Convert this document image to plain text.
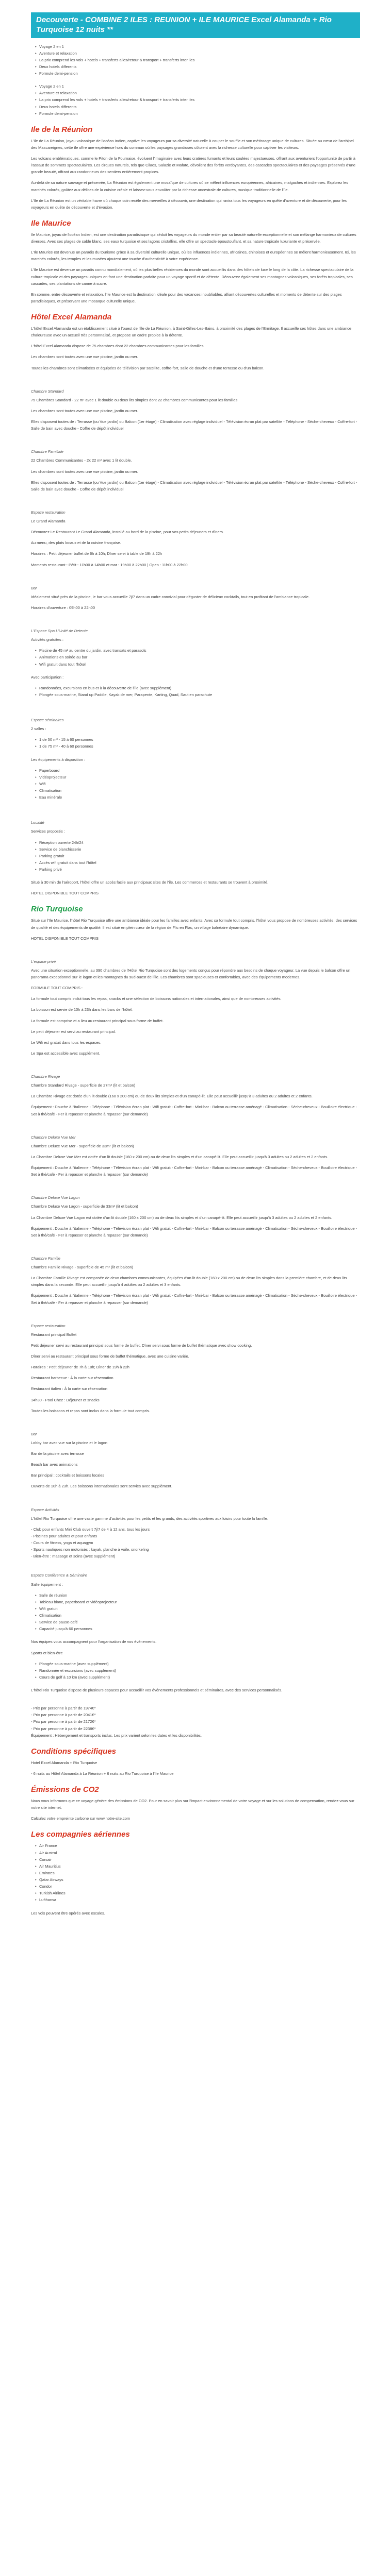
Decouverte - COMBINE 2 ILES : REUNION + ILE MAURICE Excel Alamanda + Rio Turquoise 12 nuits **
• Voyage 2 en 1
• Aventure et relaxation
• La prix comprend les vols + hotels + transferts alles/retour & transport + transferts inter iles
• Deux hotels differents
• Formule demi-pension
• Voyage 2 en 1
• Aventure et relaxation
• La prix comprend les vols + hotels + transferts alles/retour & transport + transferts inter iles
• Deux hotels differents
• Formule demi-pension
Ile de la Réunion

L'Ile de La Réunion, joyau volcanique de l'océan Indien, captive les voyageurs par sa diversité naturelle à couper le souffle et son métissage unique de cultures. Située au cœur de l'archipel des Mascareignes, cette île offre une expérience hors du commun où les paysages grandioses côtoient avec la richesse culturelle pour captiver les visiteurs.

Les volcans emblématiques, comme le Piton de la Fournaise, évoluent l'imaginaire avec leurs cratères fumants et leurs coulées majestueuses, offrant aux aventuriers l'opportunité de partir à l'assaut de sommets spectaculaires. Les cirques naturels, tels que Cilaos, Salazie et Mafate, dévoilent des forêts verdoyantes, des cascades spectaculaires et des paysages préservés d'une grande beauté, offrant aux randonneurs des sentiers entièrement propices.

Au-delà de sa nature sauvage et préservée, La Réunion est également une mosaïque de cultures où se mêlent influences européennes, africaines, malgaches et indiennes. Explorez les marchés colorés, goûtez aux délices de la cuisine créole et laissez-vous envoûter par la richesse ancestrale de cultures, musique traditionnelle de l'île.

L'Ile de La Réunion est un véritable havre où chaque coin recèle des merveilles à découvrir, une destination qui ravira tous les voyageurs en quête d'aventure et de découverte, pour les voyageurs en quête de découverte et d'évasion.

Ile Maurice

Ile Maurice, joyau de l'océan Indien, est une destination paradisiaque qui séduit les voyageurs du monde entier par sa beauté naturelle exceptionnelle et son mélange harmonieux de cultures diverses. Avec ses plages de sable blanc, ses eaux turquoise et ses lagons cristallins, elle offre un spectacle époustouflant, et sa nature tropicale luxuriante et préservée.

L'Ile Maurice est devenue un paradis du tourisme grâce à sa diversité culturelle unique, où les influences indiennes, africaines, chinoises et européennes se mêlent harmonieusement. Ici, les marchés colorés, les temples et les musées ajoutent une touche d'authenticité à votre expérience.

L'Ile Maurice est devenue un paradis connu mondialement, où les plus belles résidences du monde sont accueillis dans des hôtels de luxe le long de la côte. La richesse spectaculaire de la culture tropicale et des paysages uniques en font une destination parfaite pour un voyage sportif et de détente. Découvrez également ses montagnes volcaniques, ses forêts tropicales, ses cascades, ses plantations de canne à sucre.

En somme, entre découverte et relaxation, l'Ile Maurice est la destination idéale pour des vacances inoubliables, alliant découvertes culturelles et moments de détente sur des plages paradisiaques, et préservant une mosaïque culturelle unique.

Hôtel Excel Alamanda

L'hôtel Excel Alamanda est un établissement situé à l'ouest de l'île de La Réunion, à Saint-Gilles-Les-Bains, à proximité des plages de l'Ermitage. Il accueille ses hôtes dans une ambiance chaleureuse avec un accueil très personnalisé, et propose un cadre propice à la détente.

L'hôtel Excel Alamanda dispose de 75 chambres dont 22 chambres communicantes pour les familles.

Les chambres sont toutes avec une vue piscine, jardin ou mer.

Toutes les chambres sont climatisées et équipées de télévision par satellite, coffre-fort, salle de douche et d'une terrasse ou d'un balcon.

Chambre Standard

75 Chambres Standard - 22 m² avec 1 lit double ou deux lits simples dont 22 chambres communicantes pour les familles

Les chambres sont toutes avec une vue piscine, jardin ou mer.

Elles disposent toutes de : Terrasse (ou Vue jardin) ou Balcon (1er étage) - Climatisation avec réglage individuel - Télévision écran plat par satellite - Téléphone - Sèche-cheveux - Coffre-fort - Salle de bain avec douche - Coffre de dépôt individuel

Chambre Familiale

22 Chambres Communicantes - 2x 22 m² avec 1 lit double.

Les chambres sont toutes avec une vue piscine, jardin ou mer.

Elles disposent toutes de : Terrasse (ou Vue jardin) ou Balcon (1er étage) - Climatisation avec réglage individuel - Télévision écran plat par satellite - Téléphone - Sèche-cheveux - Coffre-fort - Salle de bain avec douche - Coffre de dépôt individuel

Espace restauration

Le Grand Alamanda

Découvrez Le Restaurant Le Grand Alamanda, installé au bord de la piscine, pour vos petits déjeuners et dîners.

Au menu, des plats locaux et de la cuisine française.

Horaires : Petit déjeuner buffet de 6h à 10h; Dîner servi à table de 19h à 22h

Moments restaurant : Pétit : 11h00 à 14h00 et mar : 19h00 à 22h00 | Open : 11h00 à 22h00

Bar

Idéalement situé près de la piscine, le bar vous accueille 7j/7 dans un cadre convivial pour déguster de délicieux cocktails, tout en profitant de l'ambiance tropicale.

Horaires d'ouverture : 09h00 à 22h00

L'Espace Spa L'Unité de Detente

Activités gratuites :

• Piscine de 45 m² au centre du jardin, avec transats et parasols
• Animations en soirée au bar
• Wifi gratuit dans tout l'hôtel

Avec participation :

• Randonnées, excursions en bus et à la découverte de l'île (avec supplément)
• Plongée sous-marine, Stand up Paddle, Kayak de mer, Parapente, Karting, Quad, Saut en parachute
Espace séminaires

2 salles :

• 1 de 50 m² - 15 à 60 personnes
• 1 de 75 m² - 40 à 60 personnes

Les équipements à disposition :

• Paperboard
• Vidéoprojecteur
• Wifi
• Climatisation
• Eau minérale
Localité

Services proposés :

• Réception ouverte 24h/24
• Service de blanchisserie
• Parking gratuit
• Accès wifi gratuit dans tout l'hôtel
• Parking privé

Situé à 30 min de l'aéroport, l'hôtel offre un accès facile aux principaux sites de l'île. Les commerces et restaurants se trouvent à proximité.

HOTEL DISPONIBLE TOUT COMPRIS

Rio Turquoise

Situé sur l'Ile Maurice, l'hôtel Rio Turquoise offre une ambiance idéale pour les familles avec enfants. Avec sa formule tout compris, l'hôtel vous propose de nombreuses activités, des services de qualité et des équipements de qualité. Il est situé en plein cœur de la région de Flic en Flac, un village balnéaire dynamique.

HOTEL DISPONIBLE TOUT COMPRIS

L'espace privé

Avec une situation exceptionnelle, au 390 chambres de l'Hôtel Rio Turquoise sont des logements conçus pour répondre aux besoins de chaque voyageur. La vue depuis le balcon offre un panorama exceptionnel sur le lagon et les montagnes du sud-ouest de l'île. Les chambres sont spacieuses et confortables, avec des équipements modernes.

FORMULE TOUT COMPRIS :

La formule tout compris inclut tous les repas, snacks et une sélection de boissons nationales et internationales, ainsi que de nombreuses activités.

La boisson est servie de 10h à 23h dans les bars de l'hôtel.

La formule est comprise et a lieu au restaurant principal sous forme de buffet.

Le petit déjeuner est servi au restaurant principal.

Le Wifi est gratuit dans tous les espaces.

Le Spa est accessible avec supplément.

Chambre Rivage

Chambre Standard Rivage - superficie de 27m² (lit et balcon)

La Chambre Rivage est dotée d'un lit double (160 x 200 cm) ou de deux lits simples et d'un canapé-lit. Elle peut accueillir jusqu'à 3 adultes ou 2 adultes et 2 enfants.

Équipement : Douche à l'italienne - Téléphone - Télévision écran plat - Wifi gratuit - Coffre-fort - Mini-bar - Balcon ou terrasse aménagé - Climatisation - Sèche-cheveux - Bouilloire électrique - Set à thé/café - Fer à repasser et planche à repasser (sur demande)

Chambre Deluxe Vue Mer

Chambre Deluxe Vue Mer - superficie de 33m² (lit et balcon)

La Chambre Deluxe Vue Mer est dotée d'un lit double (160 x 200 cm) ou de deux lits simples et d'un canapé-lit. Elle peut accueillir jusqu'à 3 adultes ou 2 adultes et 2 enfants.

Équipement : Douche à l'italienne - Téléphone - Télévision écran plat - Wifi gratuit - Coffre-fort - Mini-bar - Balcon ou terrasse aménagé - Climatisation - Sèche-cheveux - Bouilloire électrique - Set à thé/café - Fer à repasser et planche à repasser (sur demande)

Chambre Deluxe Vue Lagon

Chambre Deluxe Vue Lagon - superficie de 33m² (lit et balcon)

La Chambre Deluxe Vue Lagon est dotée d'un lit double (160 x 200 cm) ou de deux lits simples et d'un canapé-lit. Elle peut accueillir jusqu'à 3 adultes ou 2 adultes et 2 enfants.

Équipement : Douche à l'italienne - Téléphone - Télévision écran plat - Wifi gratuit - Coffre-fort - Mini-bar - Balcon ou terrasse aménagé - Climatisation - Sèche-cheveux - Bouilloire électrique - Set à thé/café - Fer à repasser et planche à repasser (sur demande)

Chambre Famille

Chambre Famille Rivage - superficie de 45 m² (lit et balcon)

La Chambre Famille Rivage est composée de deux chambres communicantes, équipées d'un lit double (160 x 200 cm) ou de deux lits simples dans la première chambre, et de deux lits simples dans la seconde. Elle peut accueillir jusqu'à 4 adultes ou 2 adultes et 3 enfants.

Équipement : Douche à l'italienne - Téléphone - Télévision écran plat - Wifi gratuit - Coffre-fort - Mini-bar - Balcon ou terrasse aménagé - Climatisation - Sèche-cheveux - Bouilloire électrique - Set à thé/café - Fer à repasser et planche à repasser (sur demande)

Espace restauration

Restaurant principal Buffet

Petit déjeuner servi au restaurant principal sous forme de buffet. Dîner servi sous forme de buffet thématique avec show cooking.

Dîner servi au restaurant principal sous forme de buffet thématique, avec une cuisine variée.

Horaires : Petit déjeuner de 7h à 10h; Dîner de 19h à 22h

Restaurant barbecue : À la carte sur réservation

Restaurant italien : À la carte sur réservation

14h30 - Pool Chez : Déjeuner et snacks

Toutes les boissons et repas sont inclus dans la formule tout compris.

Bar

Lobby bar avec vue sur la piscine et le lagon

Bar de la piscine avec terrasse

Beach bar avec animations

Bar principal : cocktails et boissons locales

Ouverts de 10h à 23h. Les boissons internationales sont servies avec supplément.

Espace Activités

L'hôtel Rio Turquoise offre une vaste gamme d'activités pour les petits et les grands, des activités sportives aux loisirs pour toute la famille.

- Club pour enfants Mini Club ouvert 7j/7 de 4 à 12 ans, tous les jours
- Piscines pour adultes et pour enfants
- Cours de fitness, yoga et aquagym
- Sports nautiques non motorisés : kayak, planche à voile, snorkeling
- Bien-être : massage et soins (avec supplément)
Espace Conférence & Séminaire

Salle équipement :

• Salle de réunion
• Tableau blanc, paperboard et vidéoprojecteur
• Wifi gratuit
• Climatisation
• Service de pause-café
• Capacité jusqu'à 60 personnes

Nos équipes vous accompagnent pour l'organisation de vos événements.

Sports et bien-être

• Plongée sous-marine (avec supplément)
• Randonnée et excursions (avec supplément)
• Cours de golf à 10 km (avec supplément)

L'hôtel Rio Turquoise dispose de plusieurs espaces pour accueillir vos événements professionnels et séminaires, avec des services personnalisés.

- Prix par personne à partir de 1974€*
- Prix par personne à partir de 2041€*
- Prix par personne à partir de 2172€*
- Prix par personne à partir de 2238€*

Équipement : Hébergement et transports inclus. Les prix varient selon les dates et les disponibilités.

Conditions spécifiques

Hotel Excel Alamanda + Rio Turquoise

- 6 nuits au Hôtel Alamanda à La Réunion + 6 nuits au Rio Turquoise à l'Ile Maurice

Émissions de CO2

Nous vous informons que ce voyage génère des émissions de CO2. Pour en savoir plus sur l'impact environnemental de votre voyage et sur les solutions de compensation, rendez-vous sur notre site internet.

Calculez votre empreinte carbone sur www.notre-site.com

Les compagnies aériennes
• Air France
• Air Austral
• Corsair
• Air Mauritius
• Emirates
• Qatar Airways
• Condor
• Turkish Airlines
• Lufthansa

Les vols peuvent être opérés avec escales.
